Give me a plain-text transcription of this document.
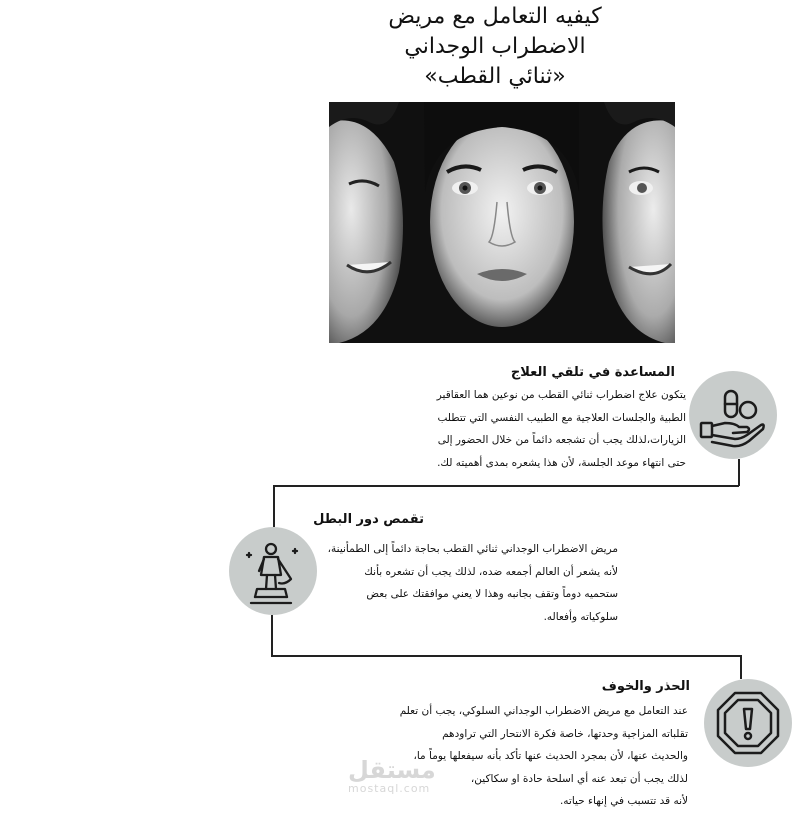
كيفيه التعامل مع مريض
الاضطراب الوجداني
«ثنائي القطب»
المساعدة في تلقي العلاج
يتكون علاج اضطراب ثنائي القطب من نوعين هما العقاقير
الطبية والجلسات العلاجية مع الطبيب النفسي التي تتطلب
الزيارات،لذلك يجب أن تشجعه دائماً من خلال الحضور إلى
حتى انتهاء موعد الجلسة، لأن هذا يشعره بمدى أهميته لك.
تقمص دور البطل
مريض الاضطراب الوجداني ثنائي القطب بحاجة دائماً إلى الطمأنينة،
لأنه يشعر أن العالم أجمعه ضده، لذلك يجب أن تشعره بأنك
ستحميه دوماً وتقف بجانبه وهذا لا يعني موافقتك على بعض
سلوكياته وأفعاله.
الحذر والخوف
عند التعامل مع مريض الاضطراب الوجداني السلوكي، يجب أن تعلم
تقلباته المزاجية وحدتها، خاصة فكرة الانتحار التي تراودهم
والحديث عنها، لأن بمجرد الحديث عنها تأكد بأنه سيفعلها يوماً ما،
لذلك يجب أن تبعد عنه أي اسلحة حادة او سكاكين،
لأنه قد تتسبب في إنهاء حياته.
مستقل
mostaql.com
